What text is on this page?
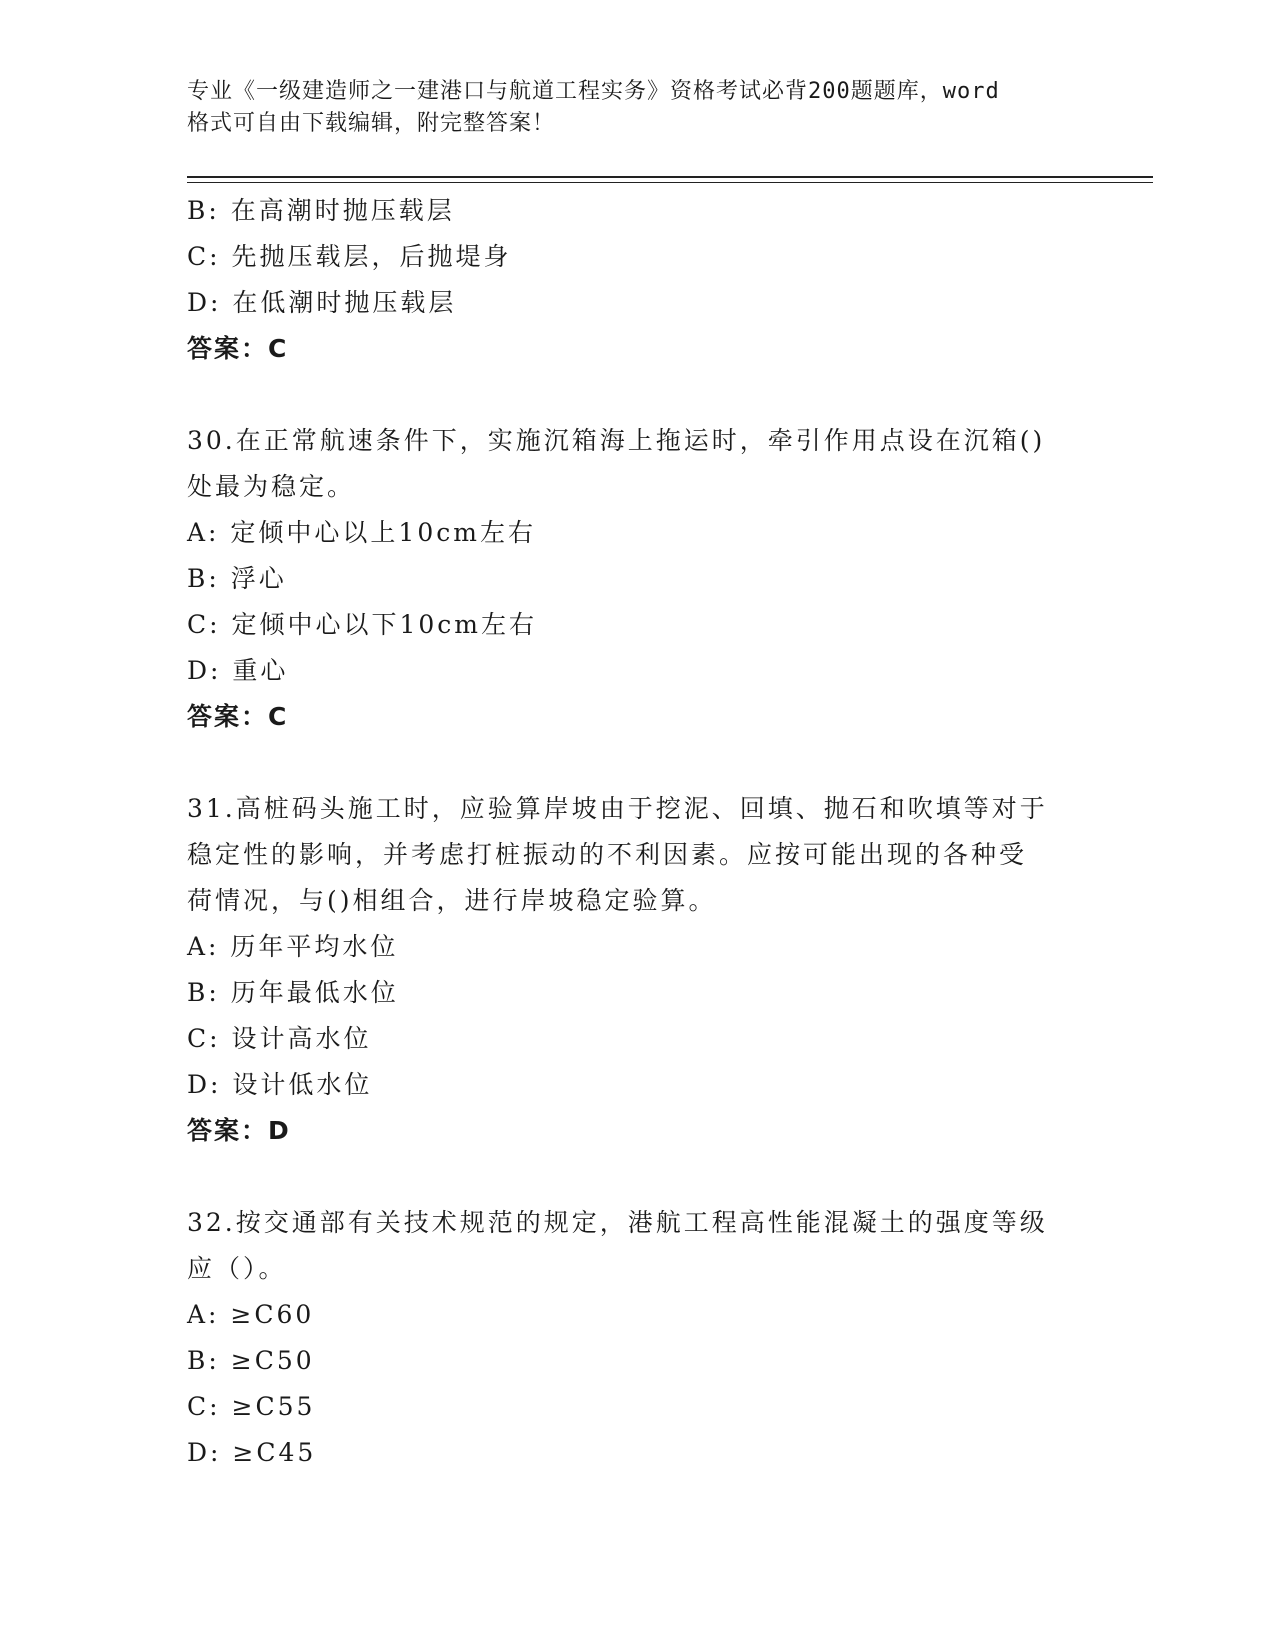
专业《一级建造师之一建港口与航道工程实务》资格考试必背200题题库，word
格式可自由下载编辑，附完整答案！
B: 在高潮时抛压载层
C: 先抛压载层，后抛堤身
D: 在低潮时抛压载层
答案：C
30.在正常航速条件下，实施沉箱海上拖运时，牵引作用点设在沉箱()
处最为稳定。
A: 定倾中心以上10cm左右
B: 浮心
C: 定倾中心以下10cm左右
D: 重心
答案：C
31.高桩码头施工时，应验算岸坡由于挖泥、回填、抛石和吹填等对于
稳定性的影响，并考虑打桩振动的不利因素。应按可能出现的各种受
荷情况，与()相组合，进行岸坡稳定验算。
A: 历年平均水位
B: 历年最低水位
C: 设计高水位
D: 设计低水位
答案：D
32.按交通部有关技术规范的规定，港航工程高性能混凝土的强度等级
应（）。
A: ≥C60
B: ≥C50
C: ≥C55
D: ≥C45
